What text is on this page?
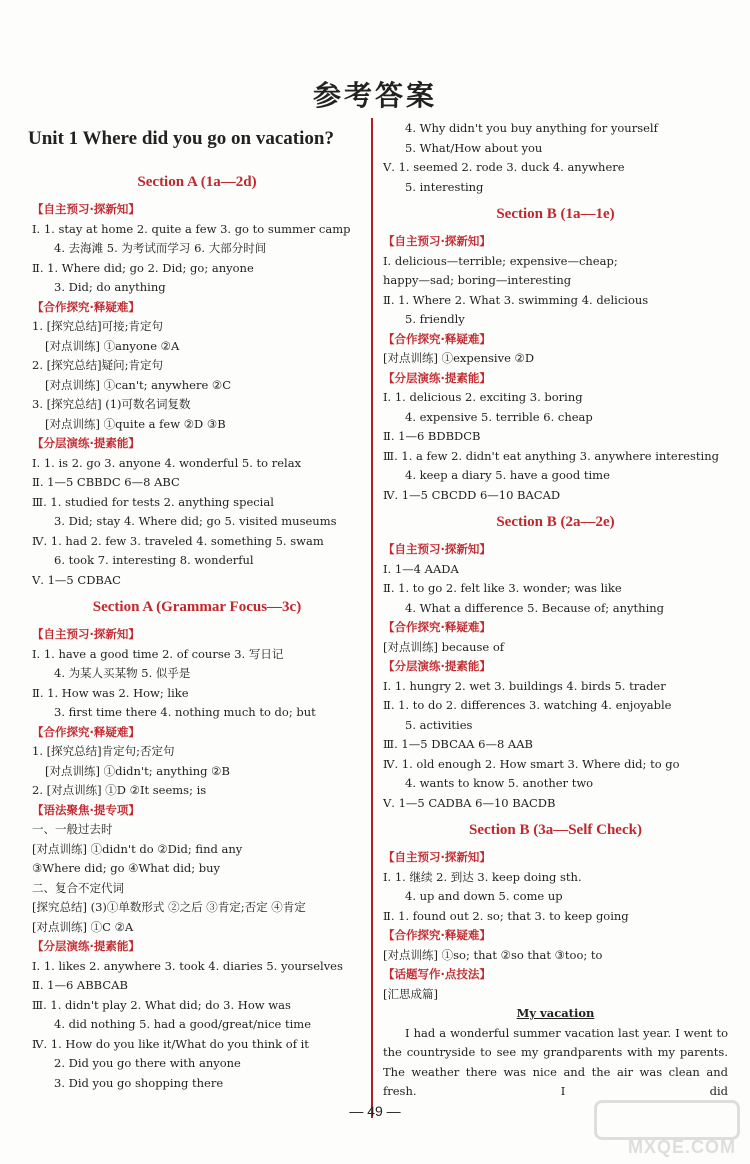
参考答案
Unit 1 Where did you go on vacation?
Section A (1a—2d)
【自主预习·探新知】
Ⅰ. 1. stay at home 2. quite a few 3. go to summer camp
4. 去海滩 5. 为考试而学习 6. 大部分时间
Ⅱ. 1. Where did; go 2. Did; go; anyone
3. Did; do anything
【合作探究·释疑难】
1. [探究总结]可接;肯定句
[对点训练] ①anyone ②A
2. [探究总结]疑问;肯定句
[对点训练] ①can't; anywhere ②C
3. [探究总结] (1)可数名词复数
[对点训练] ①quite a few ②D ③B
【分层演练·提素能】
Ⅰ. 1. is 2. go 3. anyone 4. wonderful 5. to relax
Ⅱ. 1—5 CBBDC 6—8 ABC
Ⅲ. 1. studied for tests 2. anything special
3. Did; stay 4. Where did; go 5. visited museums
Ⅳ. 1. had 2. few 3. traveled 4. something 5. swam
6. took 7. interesting 8. wonderful
Ⅴ. 1—5 CDBAC
Section A (Grammar Focus—3c)
【自主预习·探新知】
Ⅰ. 1. have a good time 2. of course 3. 写日记
4. 为某人买某物 5. 似乎是
Ⅱ. 1. How was 2. How; like
3. first time there 4. nothing much to do; but
【合作探究·释疑难】
1. [探究总结]肯定句;否定句
[对点训练] ①didn't; anything ②B
2. [对点训练] ①D ②It seems; is
【语法聚焦·提专项】
一、一般过去时
[对点训练] ①didn't do ②Did; find any
③Where did; go ④What did; buy
二、复合不定代词
[探究总结] (3)①单数形式 ②之后 ③肯定;否定 ④肯定
[对点训练] ①C ②A
【分层演练·提素能】
Ⅰ. 1. likes 2. anywhere 3. took 4. diaries 5. yourselves
Ⅱ. 1—6 ABBCAB
Ⅲ. 1. didn't play 2. What did; do 3. How was
4. did nothing 5. had a good/great/nice time
Ⅳ. 1. How do you like it/What do you think of it
2. Did you go there with anyone
3. Did you go shopping there
4. Why didn't you buy anything for yourself
5. What/How about you
Ⅴ. 1. seemed 2. rode 3. duck 4. anywhere
5. interesting
Section B (1a—1e)
【自主预习·探新知】
Ⅰ. delicious—terrible; expensive—cheap;
happy—sad; boring—interesting
Ⅱ. 1. Where 2. What 3. swimming 4. delicious
5. friendly
【合作探究·释疑难】
[对点训练] ①expensive ②D
【分层演练·提素能】
Ⅰ. 1. delicious 2. exciting 3. boring
4. expensive 5. terrible 6. cheap
Ⅱ. 1—6 BDBDCB
Ⅲ. 1. a few 2. didn't eat anything 3. anywhere interesting
4. keep a diary 5. have a good time
Ⅳ. 1—5 CBCDD 6—10 BACAD
Section B (2a—2e)
【自主预习·探新知】
Ⅰ. 1—4 AADA
Ⅱ. 1. to go 2. felt like 3. wonder; was like
4. What a difference 5. Because of; anything
【合作探究·释疑难】
[对点训练] because of
【分层演练·提素能】
Ⅰ. 1. hungry 2. wet 3. buildings 4. birds 5. trader
Ⅱ. 1. to do 2. differences 3. watching 4. enjoyable
5. activities
Ⅲ. 1—5 DBCAA 6—8 AAB
Ⅳ. 1. old enough 2. How smart 3. Where did; to go
4. wants to know 5. another two
Ⅴ. 1—5 CADBA 6—10 BACDB
Section B (3a—Self Check)
【自主预习·探新知】
Ⅰ. 1. 继续 2. 到达 3. keep doing sth.
4. up and down 5. come up
Ⅱ. 1. found out 2. so; that 3. to keep going
【合作探究·释疑难】
[对点训练] ①so; that ②so that ③too; to
【话题写作·点技法】
[汇思成篇]
My vacation
I had a wonderful summer vacation last year. I went to the countryside to see my grandparents with my parents. The weather there was nice and the air was clean and fresh. I did
— 49 —
MXQE.COM
